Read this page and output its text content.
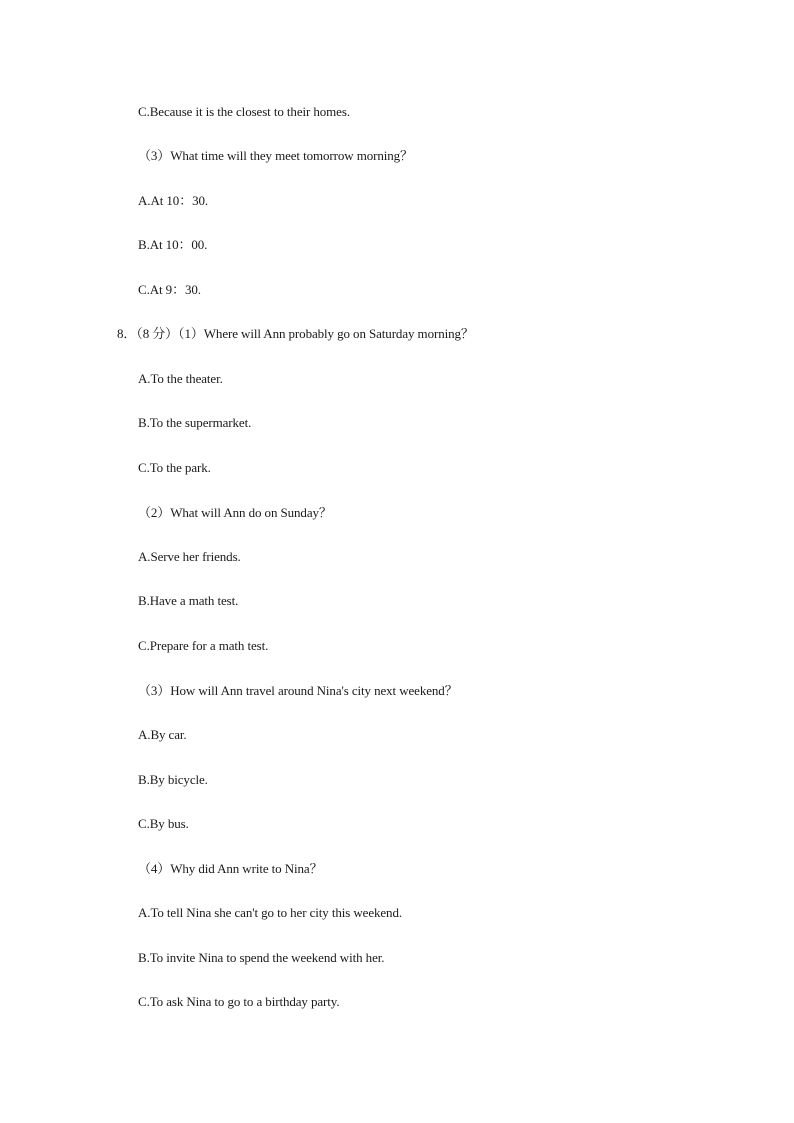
C.Because it is the closest to their homes.
（3）What time will they meet tomorrow morning？
A.At 10：30.
B.At 10：00.
C.At 9：30.
8．（8 分）（1）Where will Ann probably go on Saturday morning？
A.To the theater.
B.To the supermarket.
C.To the park.
（2）What will Ann do on Sunday？
A.Serve her friends.
B.Have a math test.
C.Prepare for a math test.
（3）How will Ann travel around Nina's city next weekend？
A.By car.
B.By bicycle.
C.By bus.
（4）Why did Ann write to Nina？
A.To tell Nina she can't go to her city this weekend.
B.To invite Nina to spend the weekend with her.
C.To ask Nina to go to a birthday party.
